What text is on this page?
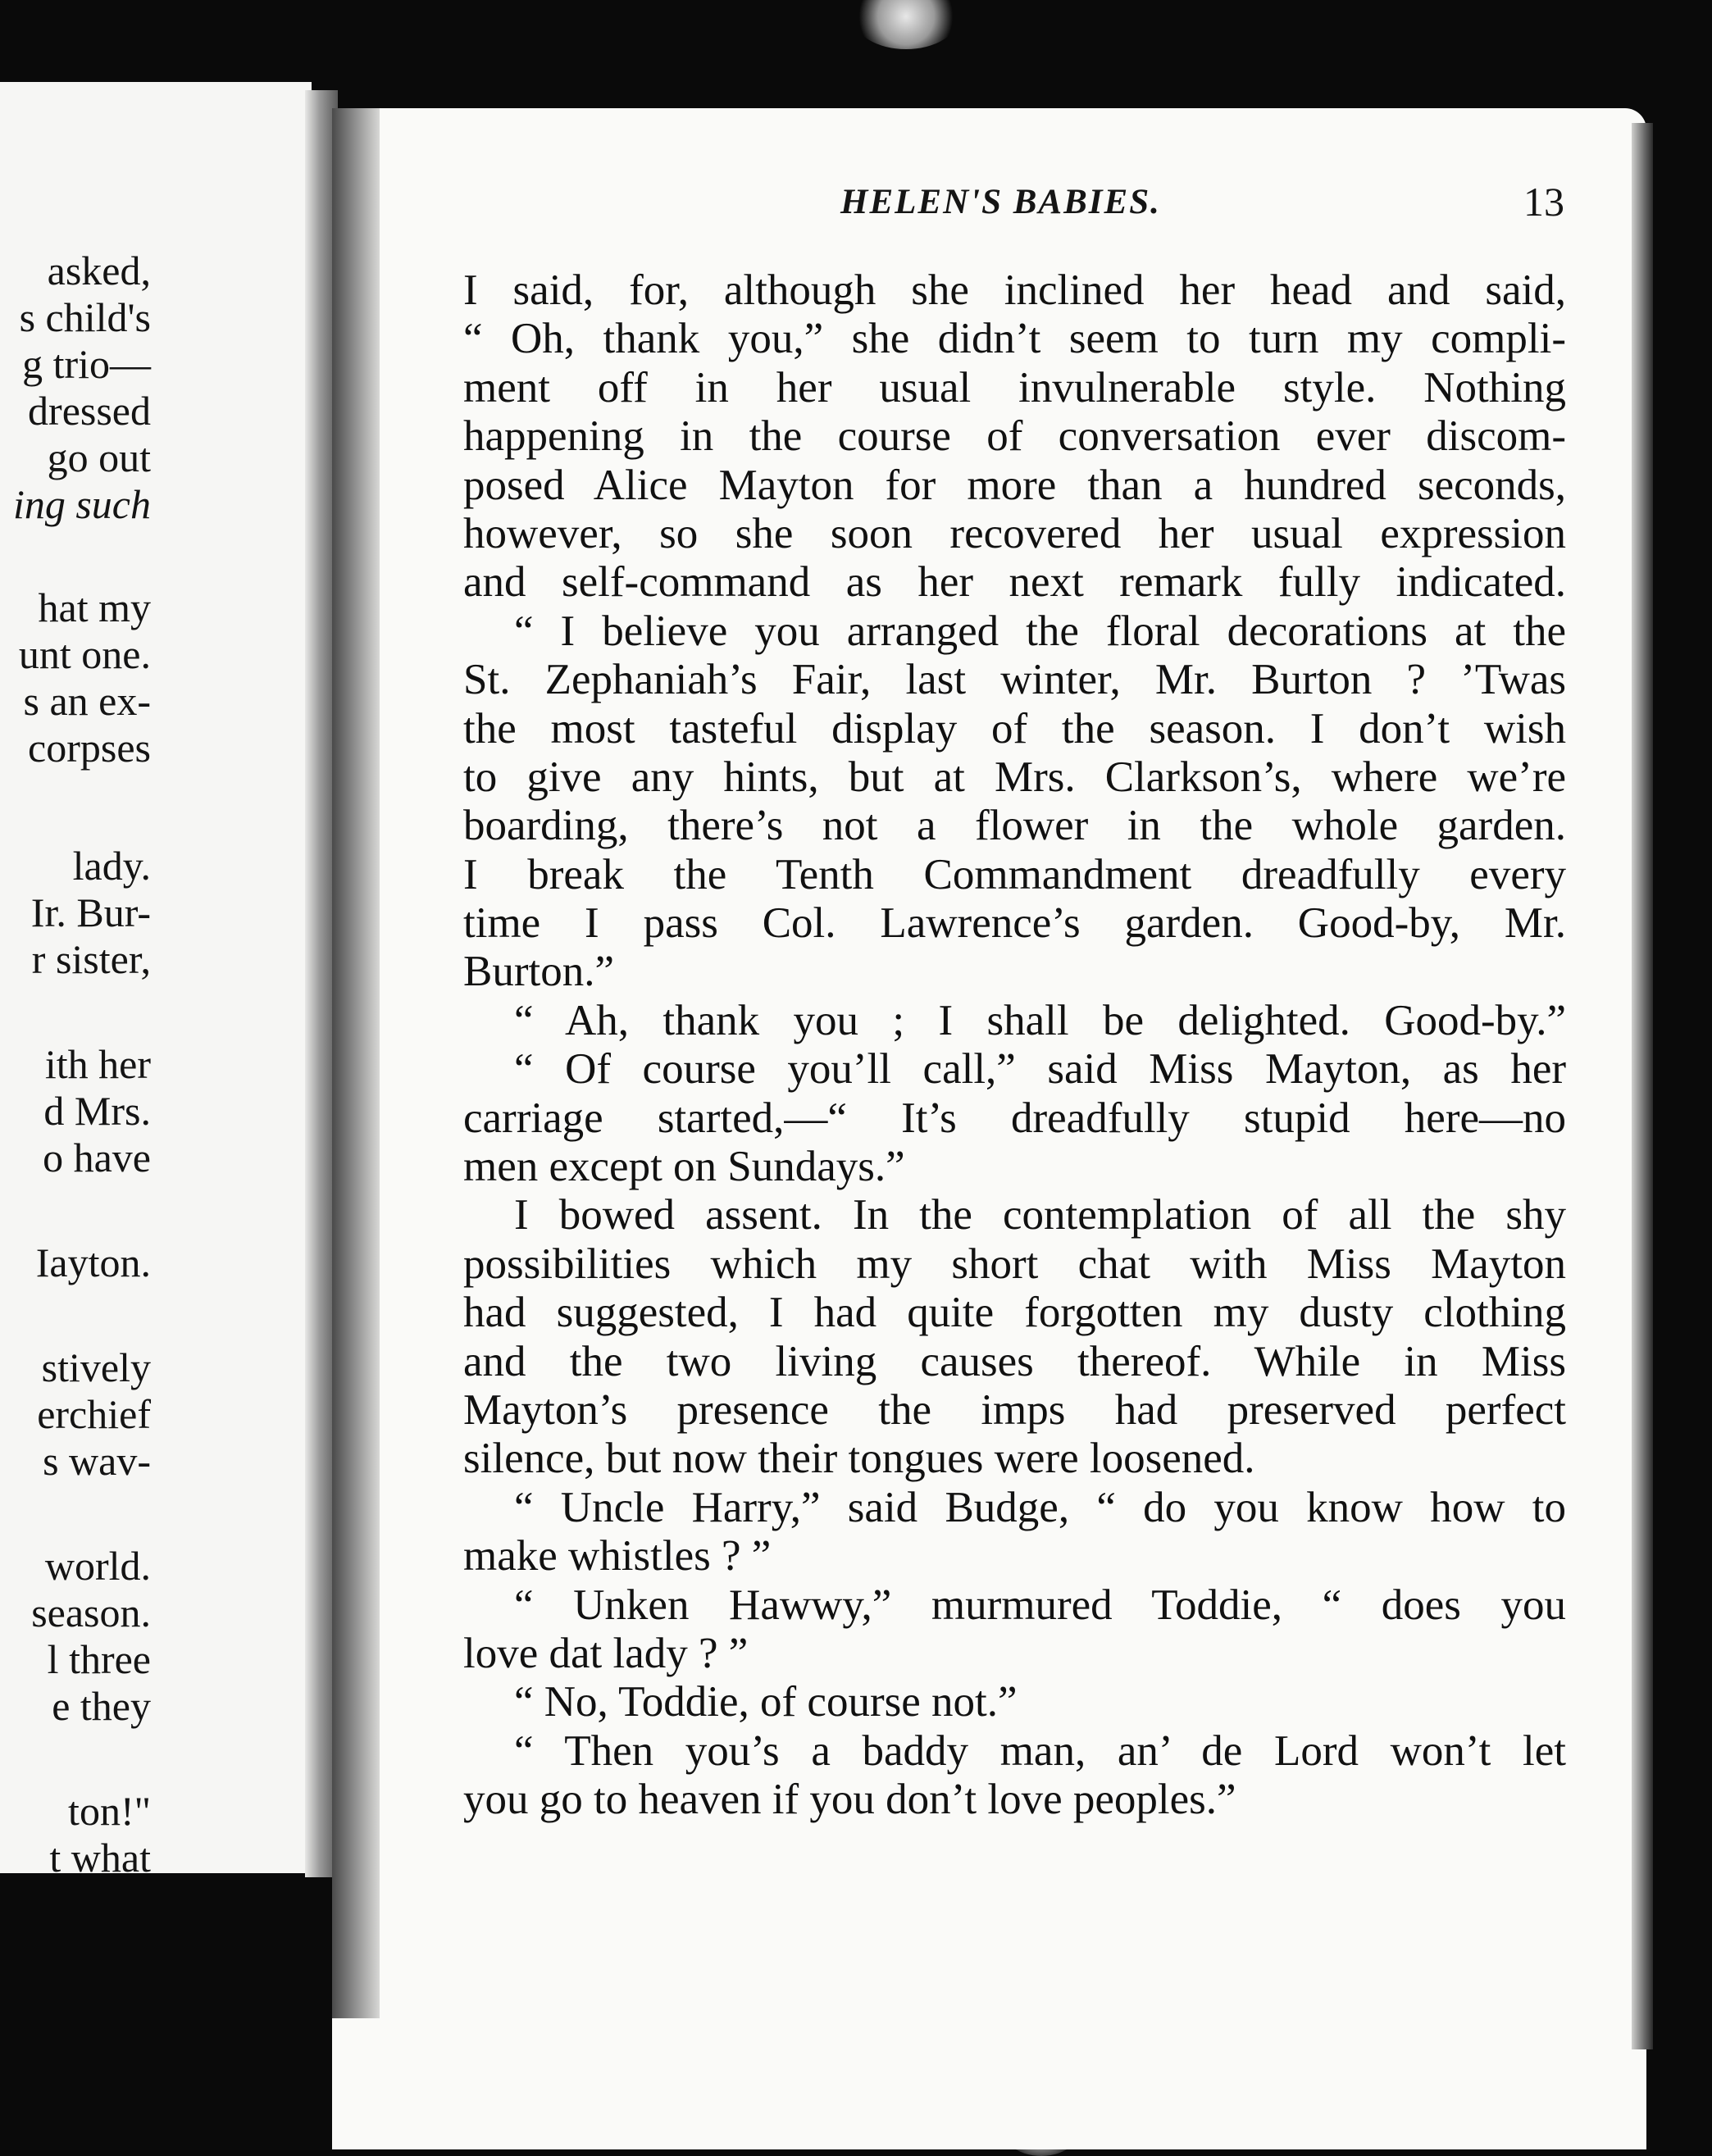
asked,
s child's
g trio—
dressed
go out
ing such
hat my
unt one.
s an ex-
corpses
lady.
Ir. Bur-
r sister,
ith her
d Mrs.
o have
Iayton.
stively
erchief
s wav-
world.
season.
l three
e they
ton!"
t what
HELEN'S BABIES.	13
I said, for, although she inclined her head and said,
“ Oh, thank you,” she didn’t seem to turn my compli-
ment off in her usual invulnerable style. Nothing
happening in the course of conversation ever discom-
posed Alice Mayton for more than a hundred seconds,
however, so she soon recovered her usual expression
and self-command as her next remark fully indicated.
“ I believe you arranged the floral decorations at the
St. Zephaniah’s Fair, last winter, Mr. Burton ? ’Twas
the most tasteful display of the season. I don’t wish
to give any hints, but at Mrs. Clarkson’s, where we’re
boarding, there’s not a flower in the whole garden.
I break the Tenth Commandment dreadfully every
time I pass Col. Lawrence’s garden. Good-by, Mr.
Burton.”
“ Ah, thank you ; I shall be delighted. Good-by.”
“ Of course you’ll call,” said Miss Mayton, as her
carriage started,—“ It’s dreadfully stupid here—no
men except on Sundays.”
I bowed assent. In the contemplation of all the shy
possibilities which my short chat with Miss Mayton
had suggested, I had quite forgotten my dusty clothing
and the two living causes thereof. While in Miss
Mayton’s presence the imps had preserved perfect
silence, but now their tongues were loosened.
“ Uncle Harry,” said Budge, “ do you know how to
make whistles ? ”
“ Unken Hawwy,” murmured Toddie, “ does you
love dat lady ? ”
“ No, Toddie, of course not.”
“ Then you’s a baddy man, an’ de Lord won’t let
you go to heaven if you don’t love peoples.”
